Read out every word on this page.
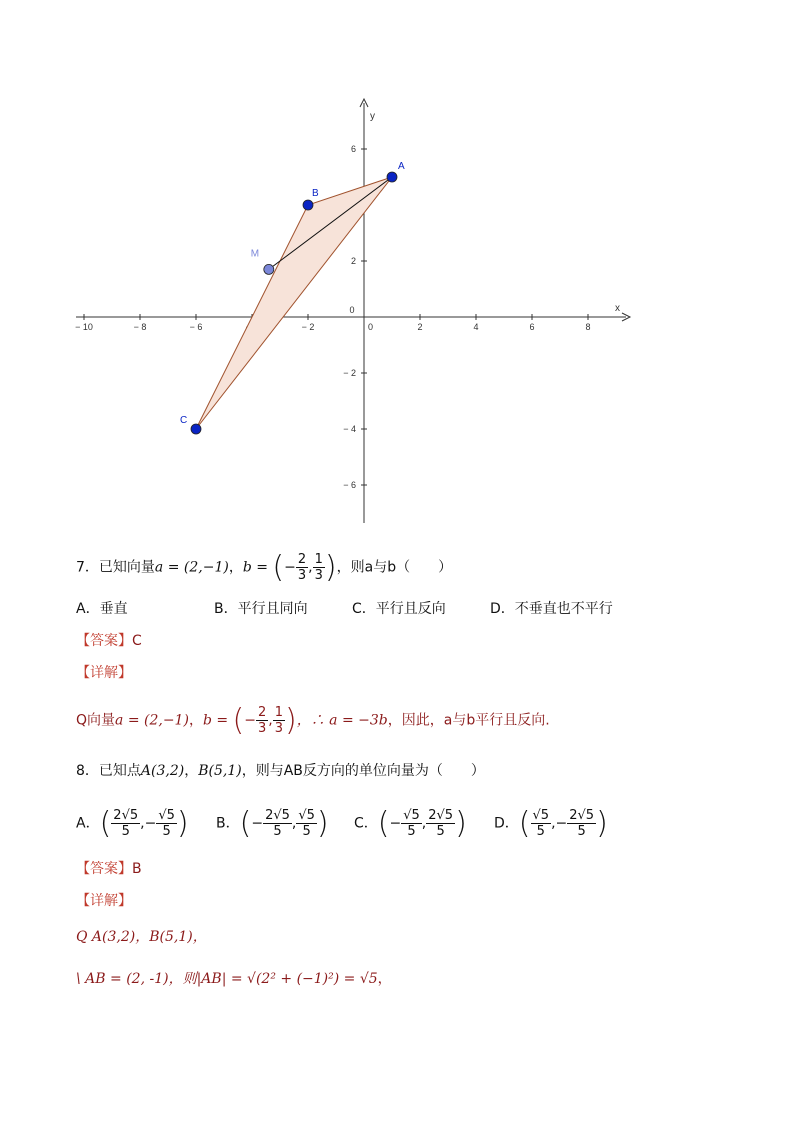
x
y
− 10	− 8	− 6	− 2	0	2	4	6	8
6
2
0
− 2
− 4
− 6
A
B
C
M
7．已知向量a = (2,−1)，b = (− $\frac{2}{3}$ , $\frac{1}{3}$ )，则a与b（　　）
A．垂直	B．平行且同向	C．平行且反向	D．不垂直也不平行
【答案】C
【详解】
Q向量a = (2,−1)，b = (− $\frac{2}{3}$ , $\frac{1}{3}$ )，∴ a = −3b，因此，a与b平行且反向.
8．已知点A(3,2)，B(5,1)，则与AB反方向的单位向量为（　　）
A．( $\frac{2√5}{5}$ ,− $\frac{√5}{5}$ ) B．(− $\frac{2√5}{5}$ , $\frac{√5}{5}$ ) C．(− $\frac{√5}{5}$ , $\frac{2√5}{5}$ ) D．( $\frac{√5}{5}$ ,− $\frac{2√5}{5}$ )
【答案】B
【详解】
Q A(3,2)，B(5,1)，
\ AB = (2, -1)，则|AB| = √(2² + (−1)²) = √5，
